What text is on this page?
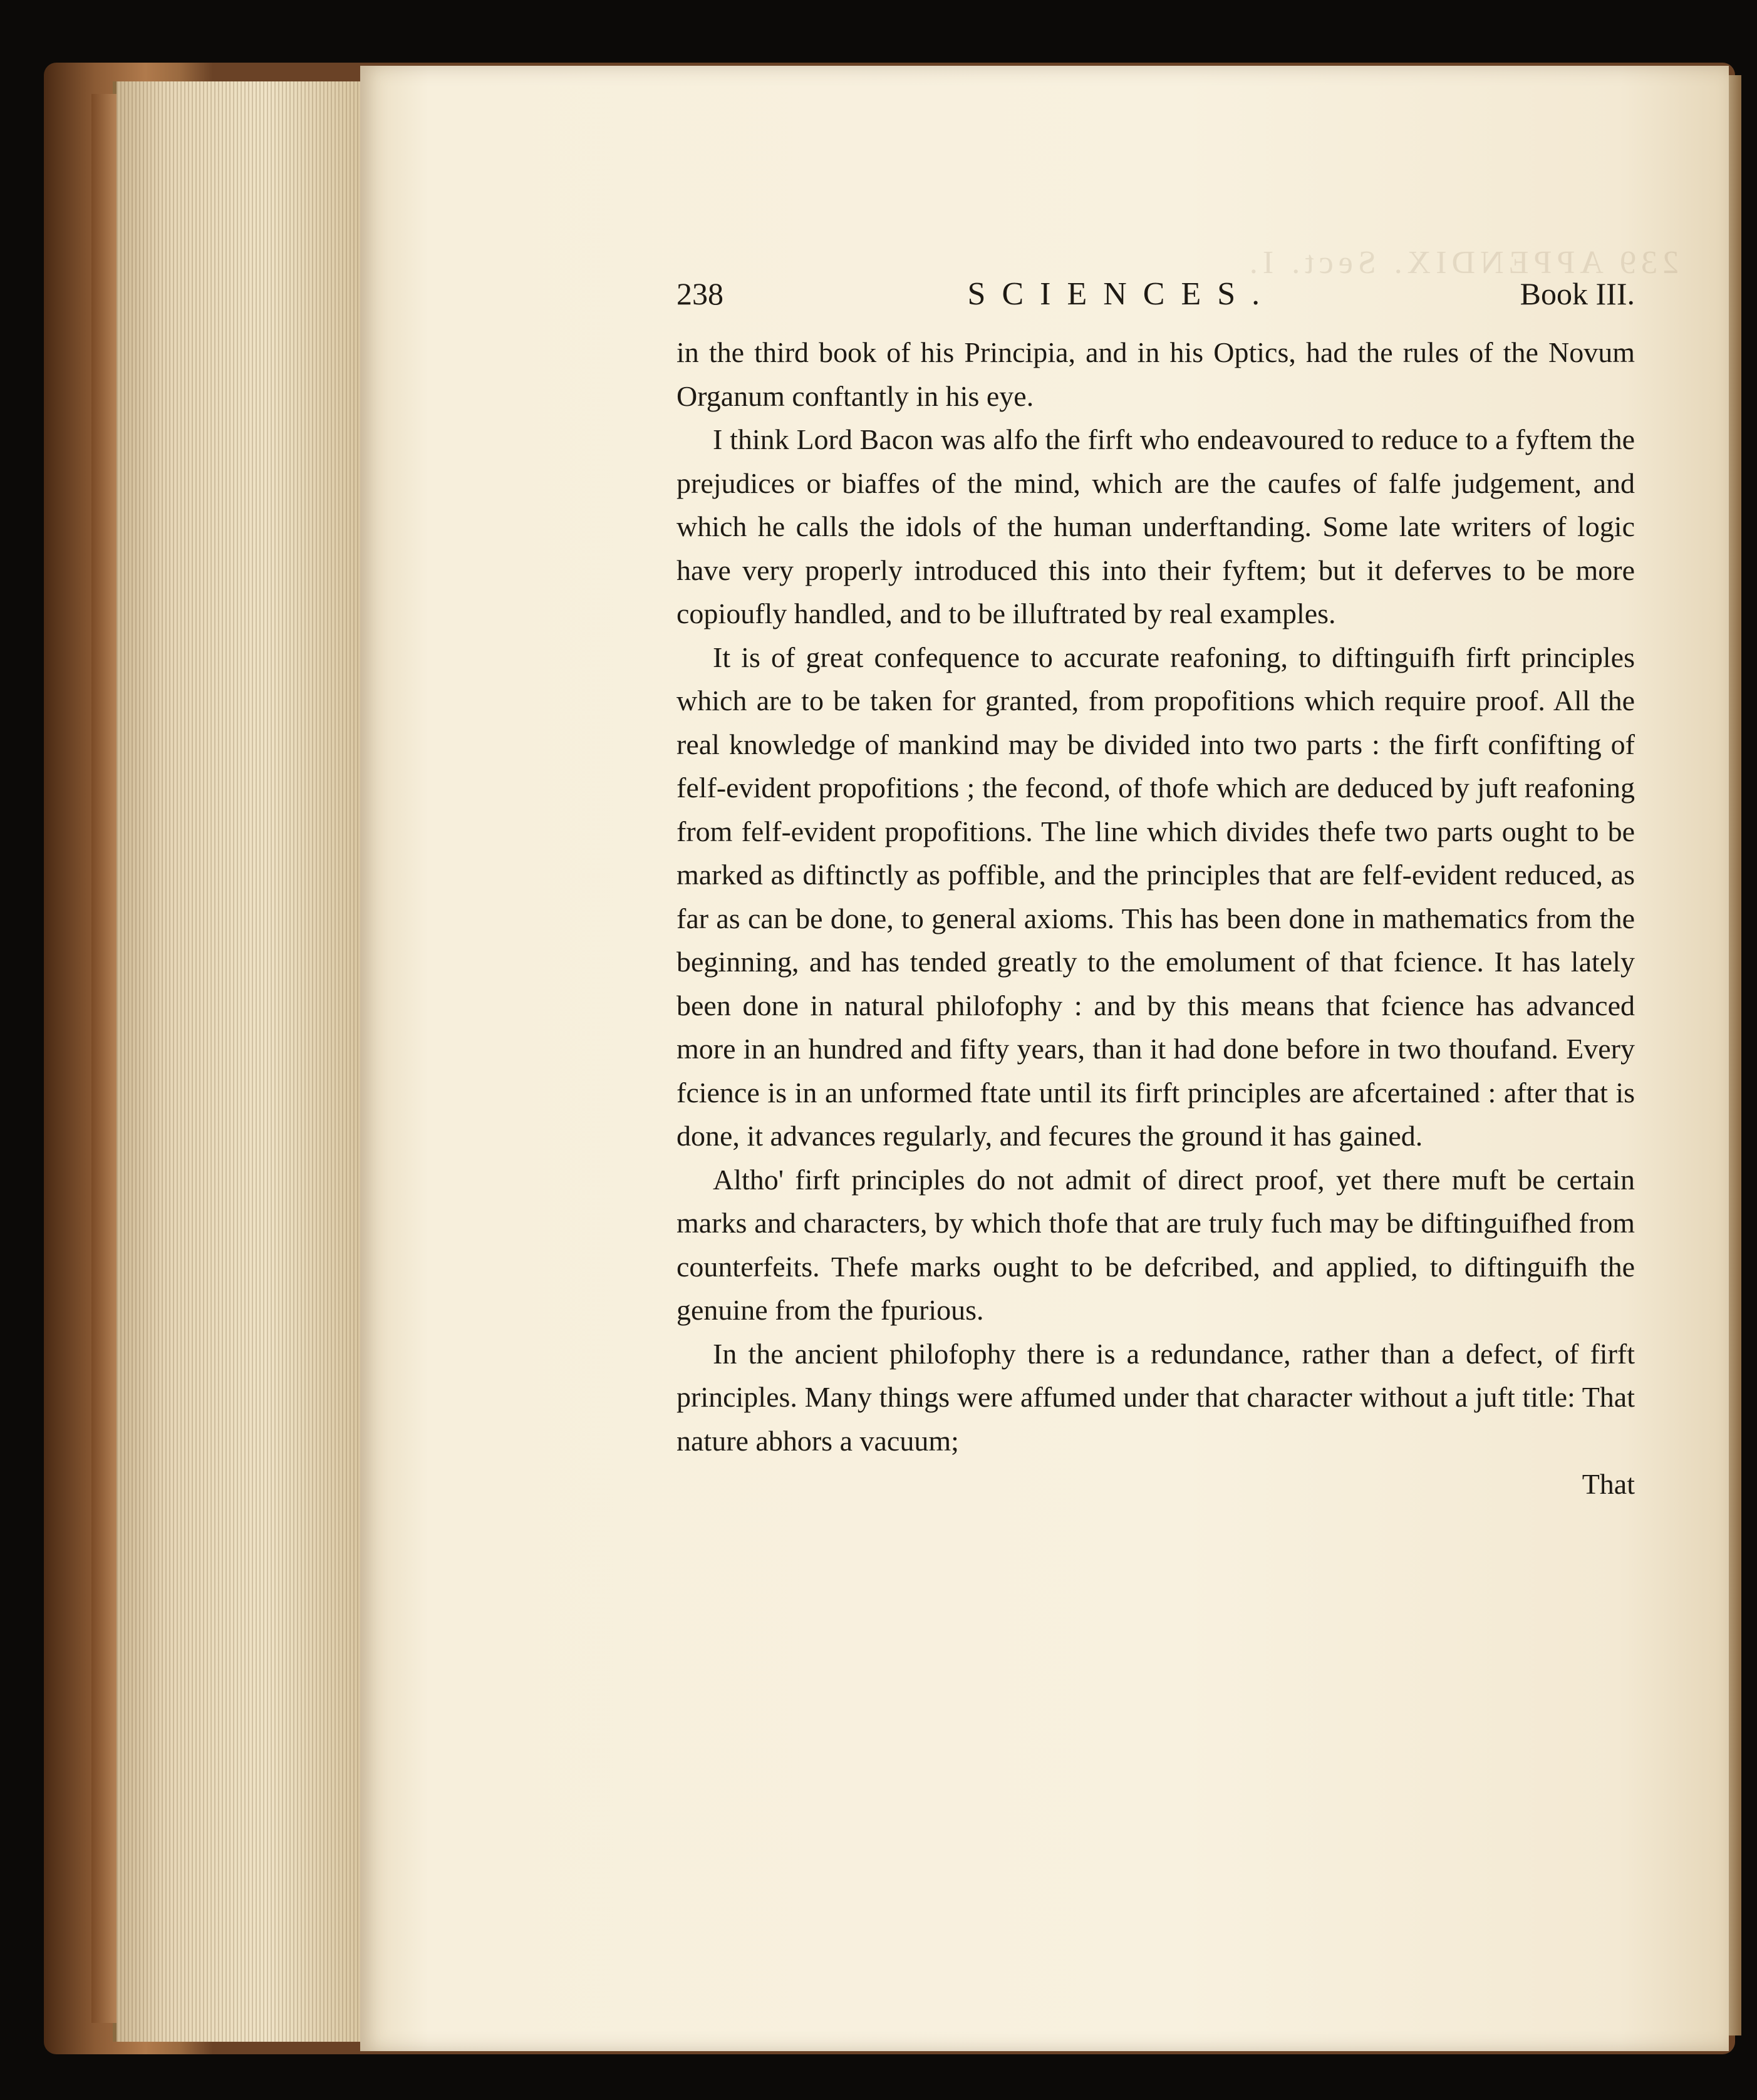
239 APPENDIX. Sect. I.
238	SCIENCES.	Book III.

in the third book of his Principia, and in his Optics, had the rules of the Novum Organum conftantly in his eye.

I think Lord Bacon was alfo the firft who endeavoured to reduce to a fyftem the prejudices or biaffes of the mind, which are the caufes of falfe judgement, and which he calls the idols of the human underftanding. Some late writers of logic have very properly introduced this into their fyftem; but it deferves to be more copioufly handled, and to be illuftrated by real examples.

It is of great confequence to accurate reafoning, to diftinguifh firft principles which are to be taken for granted, from propofitions which require proof. All the real knowledge of mankind may be divided into two parts : the firft confifting of felf-evident propofitions ; the fecond, of thofe which are deduced by juft reafoning from felf-evident propofitions. The line which divides thefe two parts ought to be marked as diftinctly as poffible, and the principles that are felf-evident reduced, as far as can be done, to general axioms. This has been done in mathematics from the beginning, and has tended greatly to the emolument of that fcience. It has lately been done in natural philofophy : and by this means that fcience has advanced more in an hundred and fifty years, than it had done before in two thoufand. Every fcience is in an unformed ftate until its firft principles are afcertained : after that is done, it advances regularly, and fecures the ground it has gained.

Altho' firft principles do not admit of direct proof, yet there muft be certain marks and characters, by which thofe that are truly fuch may be diftinguifhed from counterfeits. Thefe marks ought to be defcribed, and applied, to diftinguifh the genuine from the fpurious.

In the ancient philofophy there is a redundance, rather than a defect, of firft principles. Many things were affumed under that character without a juft title: That nature abhors a vacuum;

That
